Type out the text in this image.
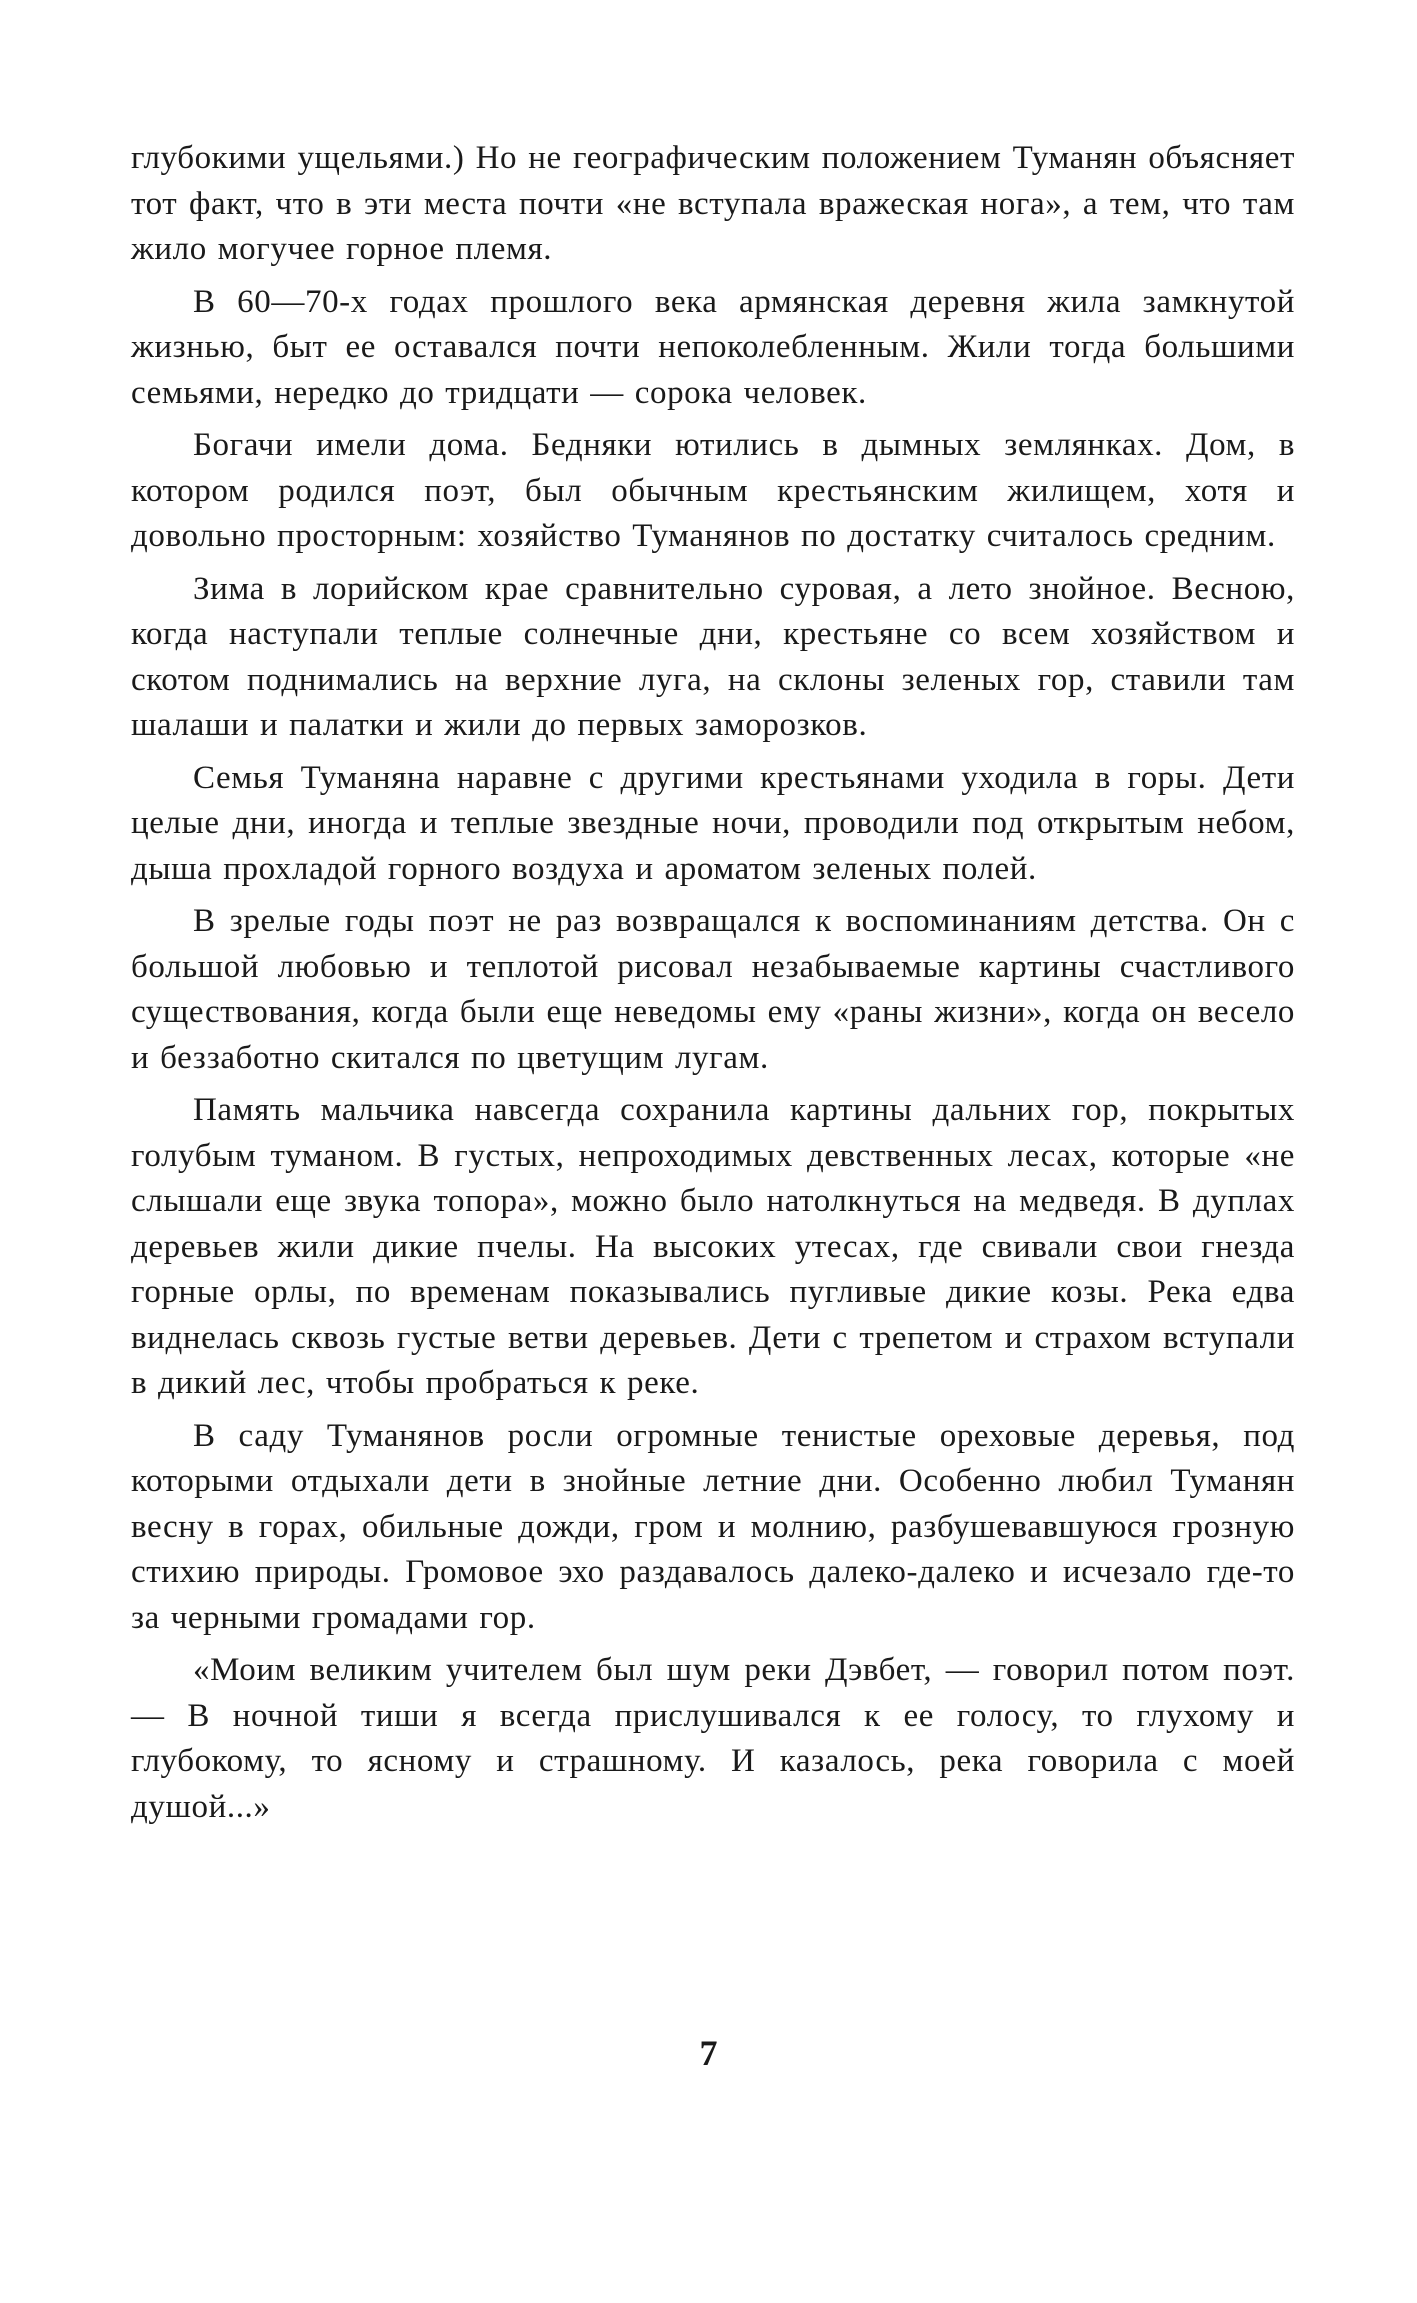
глубокими ущельями.) Но не географическим положением Туманян объясняет тот факт, что в эти места почти «не вступала вражеская нога», а тем, что там жило могучее горное племя.

В 60—70-х годах прошлого века армянская деревня жила замкнутой жизнью, быт ее оставался почти непоколебленным. Жили тогда большими семьями, нередко до тридцати — сорока человек.

Богачи имели дома. Бедняки ютились в дымных землянках. Дом, в котором родился поэт, был обычным крестьянским жилищем, хотя и довольно просторным: хозяйство Туманянов по достатку считалось средним.

Зима в лорийском крае сравнительно суровая, а лето знойное. Весною, когда наступали теплые солнечные дни, крестьяне со всем хозяйством и скотом поднимались на верхние луга, на склоны зеленых гор, ставили там шалаши и палатки и жили до первых заморозков.

Семья Туманяна наравне с другими крестьянами уходила в горы. Дети целые дни, иногда и теплые звездные ночи, проводили под открытым небом, дыша прохладой горного воздуха и ароматом зеленых полей.

В зрелые годы поэт не раз возвращался к воспоминаниям детства. Он с большой любовью и теплотой рисовал незабываемые картины счастливого существования, когда были еще неведомы ему «раны жизни», когда он весело и беззаботно скитался по цветущим лугам.

Память мальчика навсегда сохранила картины дальних гор, покрытых голубым туманом. В густых, непроходимых девственных лесах, которые «не слышали еще звука топора», можно было натолкнуться на медведя. В дуплах деревьев жили дикие пчелы. На высоких утесах, где свивали свои гнезда горные орлы, по временам показывались пугливые дикие козы. Река едва виднелась сквозь густые ветви деревьев. Дети с трепетом и страхом вступали в дикий лес, чтобы пробраться к реке.

В саду Туманянов росли огромные тенистые ореховые деревья, под которыми отдыхали дети в знойные летние дни. Особенно любил Туманян весну в горах, обильные дожди, гром и молнию, разбушевавшуюся грозную стихию природы. Громовое эхо раздавалось далеко-далеко и исчезало где-то за черными громадами гор.

«Моим великим учителем был шум реки Дэвбет, — говорил потом поэт. — В ночной тиши я всегда прислушивался к ее голосу, то глухому и глубокому, то ясному и страшному. И казалось, река говорила с моей душой...»

7
